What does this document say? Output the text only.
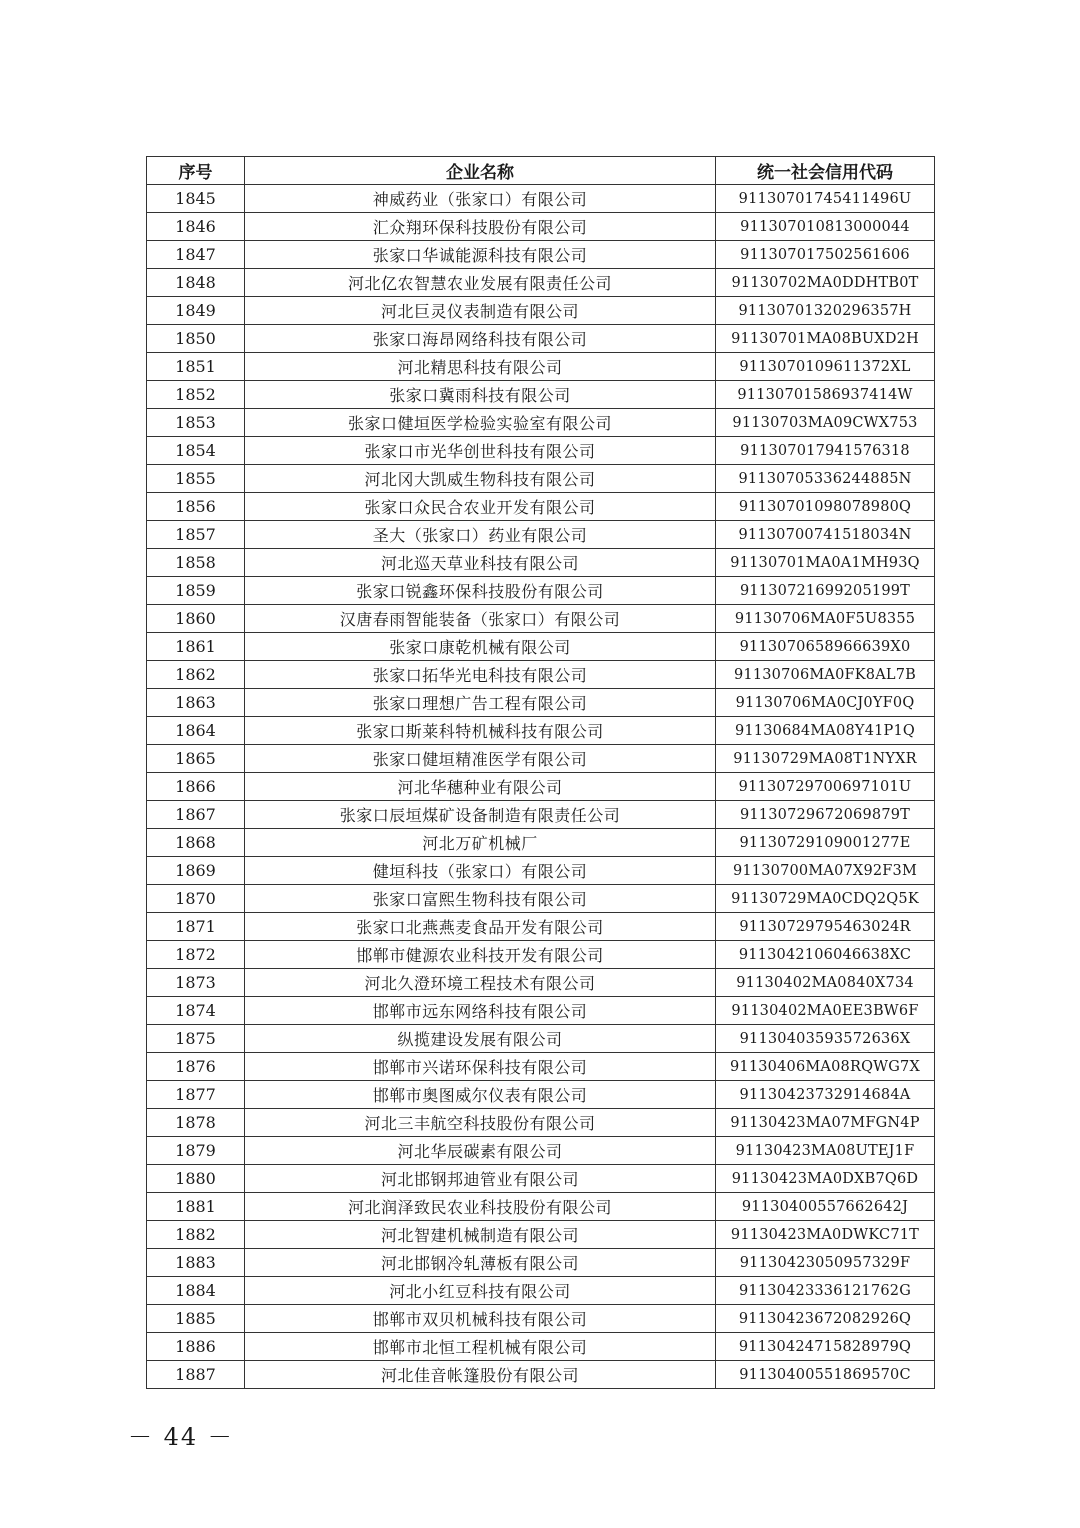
序号	企业名称	统一社会信用代码
1845	神威药业（张家口）有限公司	91130701745411496U
1846	汇众翔环保科技股份有限公司	911307010813000044
1847	张家口华诚能源科技有限公司	911307017502561606
1848	河北亿农智慧农业发展有限责任公司	91130702MA0DDHTB0T
1849	河北巨灵仪表制造有限公司	91130701320296357H
1850	张家口海昂网络科技有限公司	91130701MA08BUXD2H
1851	河北精思科技有限公司	9113070109611372XL
1852	张家口冀雨科技有限公司	91130701586937414W
1853	张家口健垣医学检验实验室有限公司	91130703MA09CWX753
1854	张家口市光华创世科技有限公司	911307017941576318
1855	河北冈大凯威生物科技有限公司	91130705336244885N
1856	张家口众民合农业开发有限公司	91130701098078980Q
1857	圣大（张家口）药业有限公司	91130700741518034N
1858	河北巡天草业科技有限公司	91130701MA0A1MH93Q
1859	张家口锐鑫环保科技股份有限公司	91130721699205199T
1860	汉唐春雨智能装备（张家口）有限公司	91130706MA0F5U8355
1861	张家口康乾机械有限公司	9113070658966639X0
1862	张家口拓华光电科技有限公司	91130706MA0FK8AL7B
1863	张家口理想广告工程有限公司	91130706MA0CJ0YF0Q
1864	张家口斯莱科特机械科技有限公司	91130684MA08Y41P1Q
1865	张家口健垣精准医学有限公司	91130729MA08T1NYXR
1866	河北华穗种业有限公司	91130729700697101U
1867	张家口辰垣煤矿设备制造有限责任公司	91130729672069879T
1868	河北万矿机械厂	91130729109001277E
1869	健垣科技（张家口）有限公司	91130700MA07X92F3M
1870	张家口富熙生物科技有限公司	91130729MA0CDQ2Q5K
1871	张家口北燕燕麦食品开发有限公司	91130729795463024R
1872	邯郸市健源农业科技开发有限公司	9113042106046638XC
1873	河北久澄环境工程技术有限公司	91130402MA0840X734
1874	邯郸市远东网络科技有限公司	91130402MA0EE3BW6F
1875	纵揽建设发展有限公司	91130403593572636X
1876	邯郸市兴诺环保科技有限公司	91130406MA08RQWG7X
1877	邯郸市奥图威尔仪表有限公司	91130423732914684A
1878	河北三丰航空科技股份有限公司	91130423MA07MFGN4P
1879	河北华辰碳素有限公司	91130423MA08UTEJ1F
1880	河北邯钢邦迪管业有限公司	91130423MA0DXB7Q6D
1881	河北润泽致民农业科技股份有限公司	91130400557662642J
1882	河北智建机械制造有限公司	91130423MA0DWKC71T
1883	河北邯钢冷轧薄板有限公司	91130423050957329F
1884	河北小红豆科技有限公司	91130423336121762G
1885	邯郸市双贝机械科技有限公司	91130423672082926Q
1886	邯郸市北恒工程机械有限公司	91130424715828979Q
1887	河北佳音帐篷股份有限公司	91130400551869570C
－ 44 －
